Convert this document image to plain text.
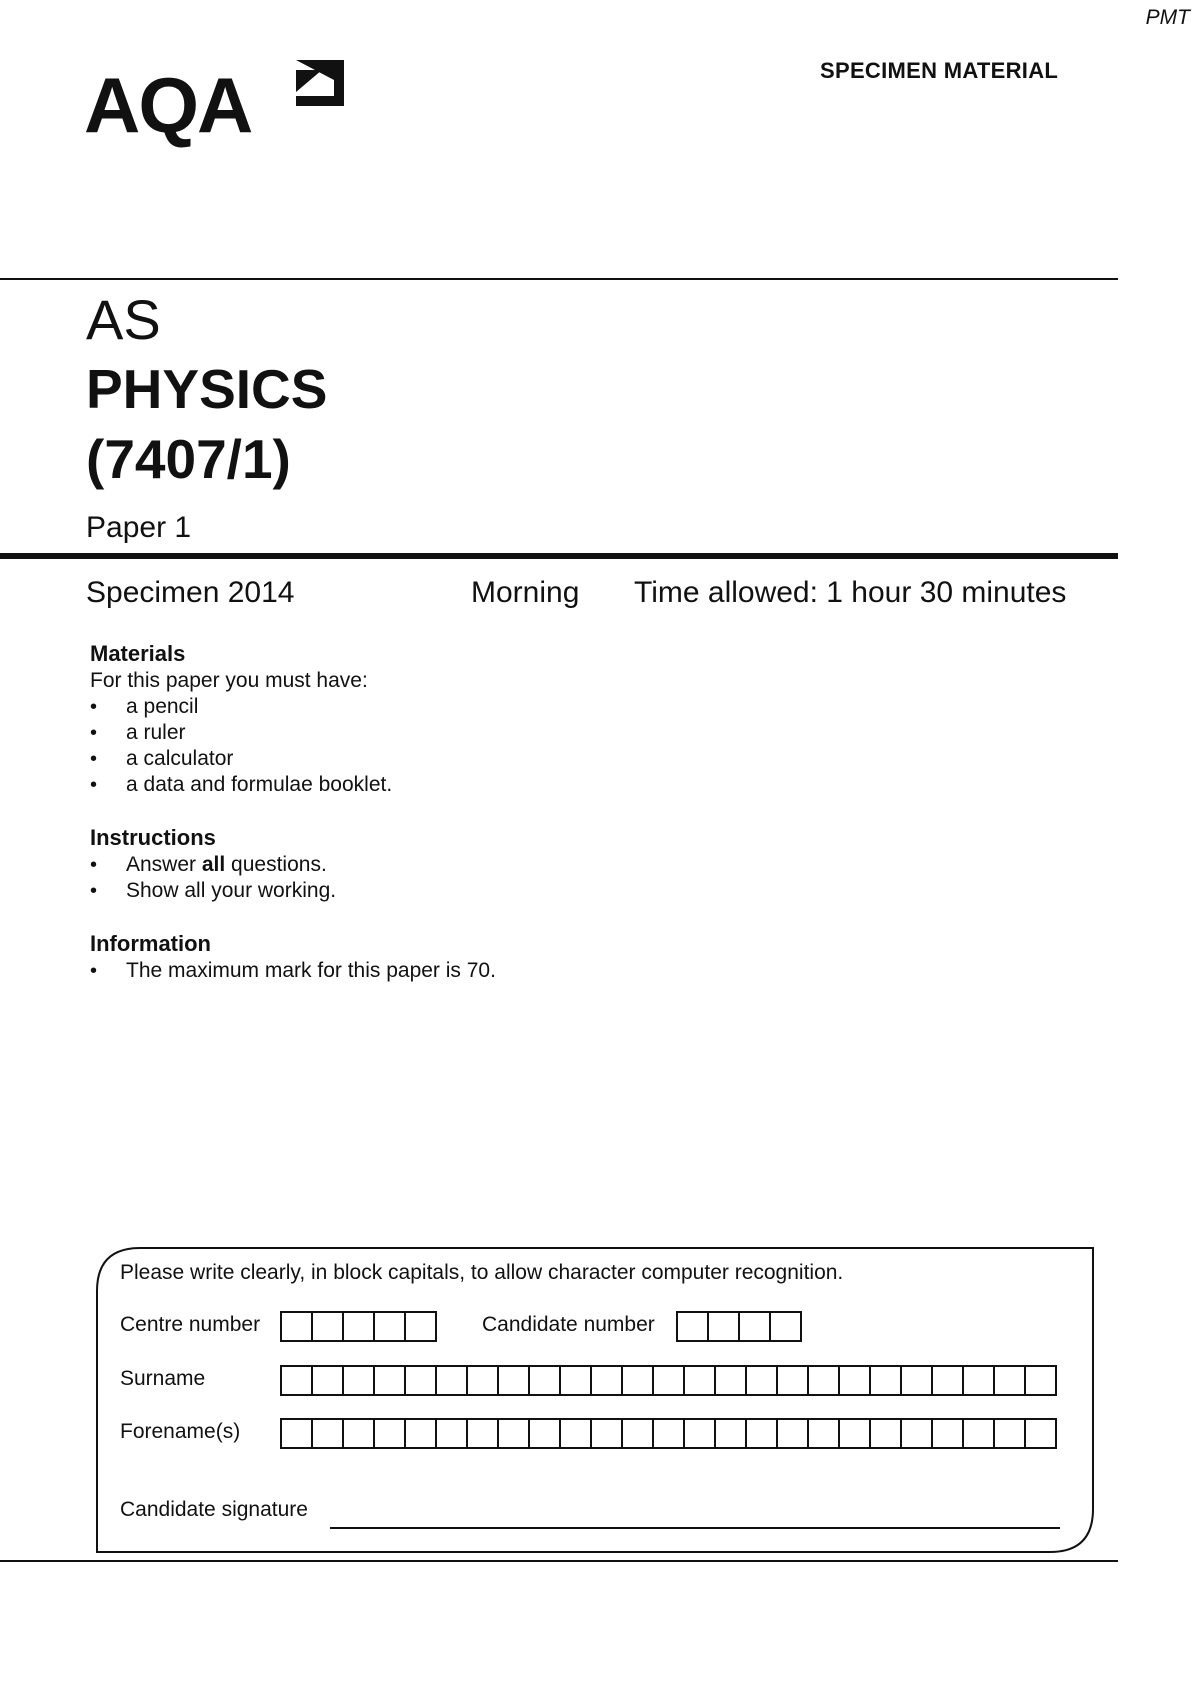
PMT
SPECIMEN MATERIAL
AQA
AS
PHYSICS
(7407/1)
Paper 1
Specimen 2014	Morning Time allowed: 1 hour 30 minutes
Materials
For this paper you must have:
• a pencil
• a ruler
• a calculator
• a data and formulae booklet.
Instructions
• Answer all questions.
• Show all your working.
Information
• The maximum mark for this paper is 70.
Please write clearly, in block capitals, to allow character computer recognition.
Centre number	Candidate number
Surname
Forename(s)
Candidate signature
